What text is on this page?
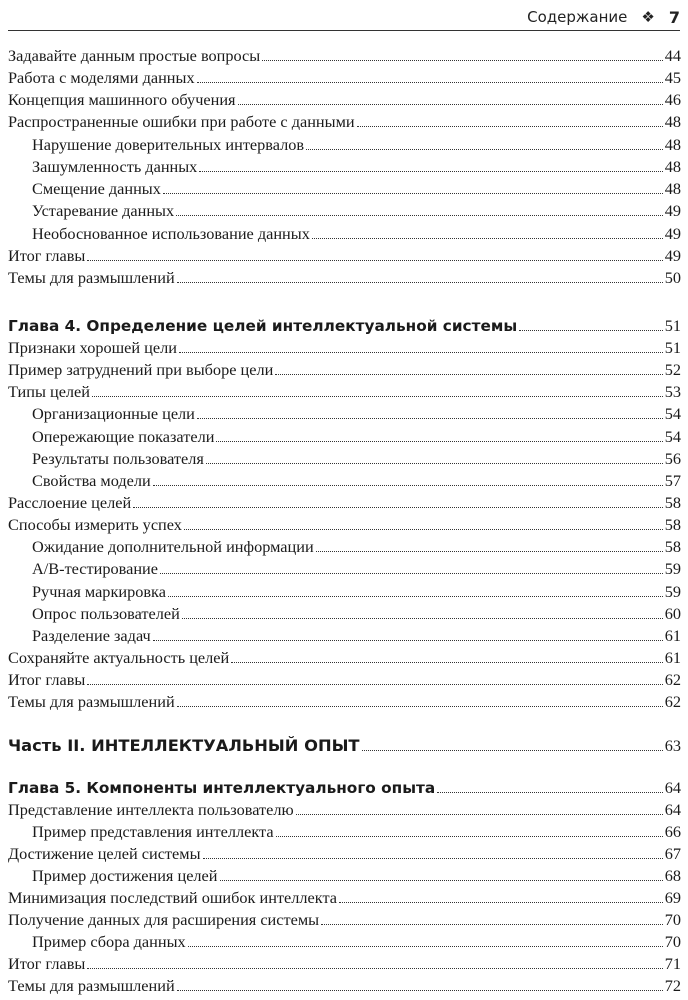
Содержание ❖ 7
Задавайте данным простые вопросы	44
Работа с моделями данных	45
Концепция машинного обучения	46
Распространенные ошибки при работе с данными	48
Нарушение доверительных интервалов	48
Зашумленность данных	48
Смещение данных	48
Устаревание данных	49
Необоснованное использование данных	49
Итог главы	49
Темы для размышлений	50
Глава 4. Определение целей интеллектуальной системы	51
Признаки хорошей цели	51
Пример затруднений при выборе цели	52
Типы целей	53
Организационные цели	54
Опережающие показатели	54
Результаты пользователя	56
Свойства модели	57
Расслоение целей	58
Способы измерить успех	58
Ожидание дополнительной информации	58
A/B-тестирование	59
Ручная маркировка	59
Опрос пользователей	60
Разделение задач	61
Сохраняйте актуальность целей	61
Итог главы	62
Темы для размышлений	62
Часть II. ИНТЕЛЛЕКТУАЛЬНЫЙ ОПЫТ	63
Глава 5. Компоненты интеллектуального опыта	64
Представление интеллекта пользователю	64
Пример представления интеллекта	66
Достижение целей системы	67
Пример достижения целей	68
Минимизация последствий ошибок интеллекта	69
Получение данных для расширения системы	70
Пример сбора данных	70
Итог главы	71
Темы для размышлений	72
